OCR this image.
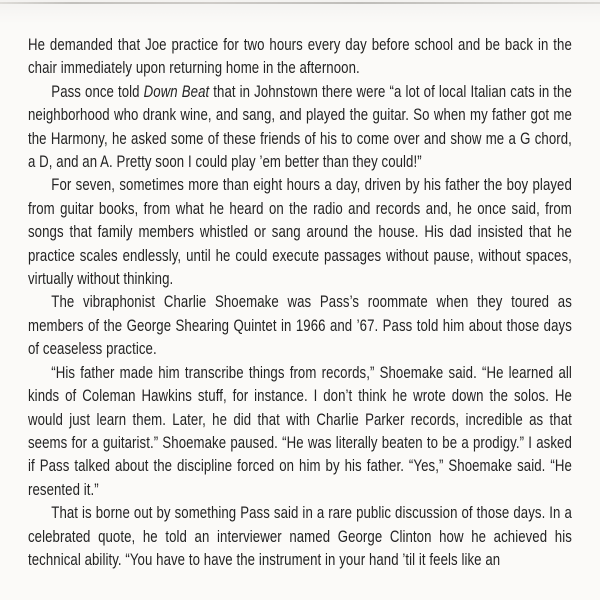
He demanded that Joe practice for two hours every day before school and be back in the chair immediately upon returning home in the afternoon.

Pass once told Down Beat that in Johnstown there were “a lot of local Italian cats in the neighborhood who drank wine, and sang, and played the guitar. So when my father got me the Harmony, he asked some of these friends of his to come over and show me a G chord, a D, and an A. Pretty soon I could play ’em better than they could!”

For seven, sometimes more than eight hours a day, driven by his father the boy played from guitar books, from what he heard on the radio and records and, he once said, from songs that family members whistled or sang around the house. His dad insisted that he practice scales endlessly, until he could execute passages without pause, without spaces, virtually without thinking.

The vibraphonist Charlie Shoemake was Pass’s roommate when they toured as members of the George Shearing Quintet in 1966 and ’67. Pass told him about those days of ceaseless practice.

“His father made him transcribe things from records,” Shoemake said. “He learned all kinds of Coleman Hawkins stuff, for instance. I don’t think he wrote down the solos. He would just learn them. Later, he did that with Charlie Parker records, incredible as that seems for a guitarist.” Shoemake paused. “He was literally beaten to be a prodigy.” I asked if Pass talked about the discipline forced on him by his father. “Yes,” Shoemake said. “He resented it.”

That is borne out by something Pass said in a rare public discussion of those days. In a celebrated quote, he told an interviewer named George Clinton how he achieved his technical ability. “You have to have the instrument in your hand ’til it feels like an
